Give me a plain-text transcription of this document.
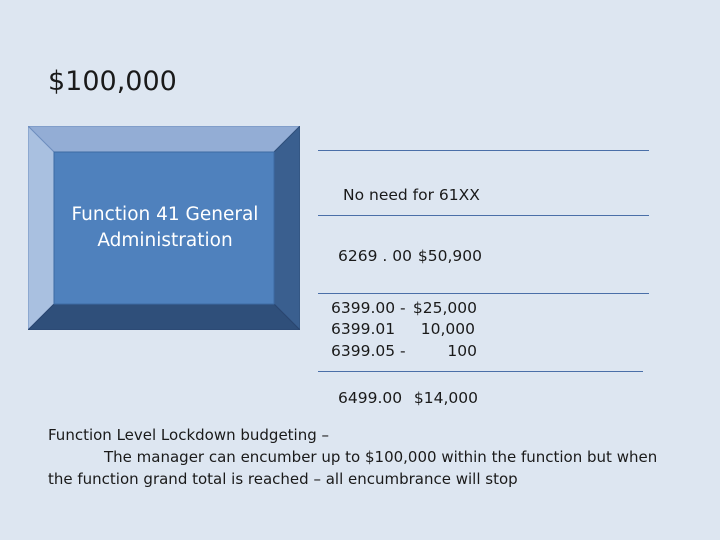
$100,000
Function 41 General
Administration
No need for 61XX
6269 . 00 $50,900
6399.00 - $25,000
6399.01	10,000
6399.05 -	100
6499.00 $14,000
Function Level Lockdown budgeting –
The manager can encumber up to $100,000 within the function but when
the function grand total is reached – all encumbrance will stop
